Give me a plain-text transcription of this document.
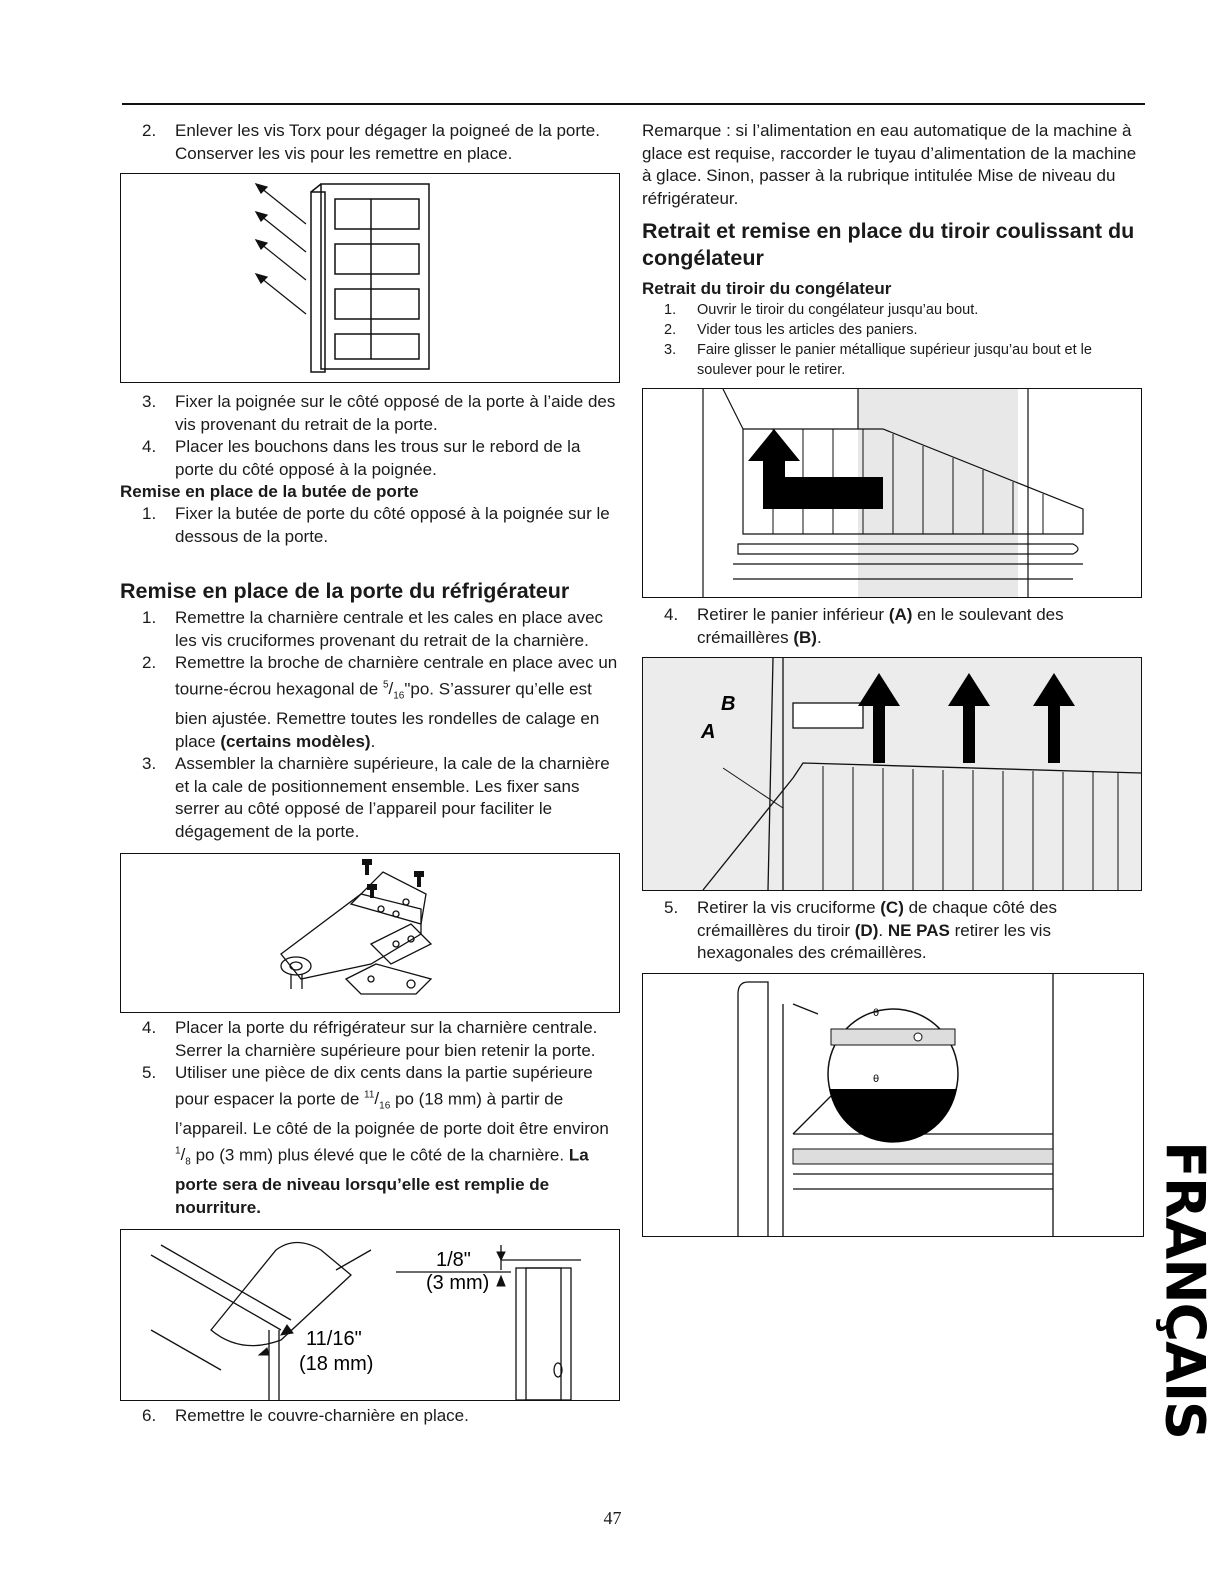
2. Enlever les vis Torx pour dégager la poigneé de la porte. Conserver les vis pour les remettre en place.
3. Fixer la poignée sur le côté opposé de la porte à l’aide des vis provenant du retrait de la porte.
4. Placer les bouchons dans les trous sur le rebord de la porte du côté opposé à la poignée.
Remise en place de la butée de porte
1. Fixer la butée de porte du côté opposé à la poignée sur le dessous de la porte.
Remise en place de la porte du réfrigérateur
1. Remettre la charnière centrale et les cales en place avec les vis cruciformes provenant du retrait de la charnière.
2. Remettre la broche de charnière centrale en place avec un tourne-écrou hexagonal de $^5/_{16}"po$. S’assurer qu’elle est bien ajustée. Remettre toutes les rondelles de calage en place (certains modèles).
3. Assembler la charnière supérieure, la cale de la charnière et la cale de positionnement ensemble. Les fixer sans serrer au côté opposé de l’appareil pour faciliter le dégagement de la porte.
4. Placer la porte du réfrigérateur sur la charnière centrale. Serrer la charnière supérieure pour bien retenir la porte.
5. Utiliser une pièce de dix cents dans la partie supérieure pour espacer la porte de $^{11}/_{16}$ po (18 mm) à partir de l’appareil. Le côté de la poignée de porte doit être environ $^1/_8$ po (3 mm) plus élevé que le côté de la charnière. La porte sera de niveau lorsqu’elle est remplie de nourriture.
1/8"
(3 mm)
11/16"
(18 mm)
6. Remettre le couvre-charnière en place.

Remarque : si l’alimentation en eau automatique de la machine à glace est requise, raccorder le tuyau d’alimentation de la machine à glace. Sinon, passer à la rubrique intitulée Mise de niveau du réfrigérateur.

Retrait et remise en place du tiroir coulissant du congélateur
Retrait du tiroir du congélateur
1. Ouvrir le tiroir du congélateur jusqu’au bout.
2. Vider tous les articles des paniers.
3. Faire glisser le panier métallique supérieur jusqu’au bout et le soulever pour le retirer.
4. Retirer le panier inférieur (A) en le soulevant des crémaillères (B).
B
A
5. Retirer la vis cruciforme (C) de chaque côté des crémaillères du tiroir (D). NE PAS retirer les vis hexagonales des crémaillères.
θ
θ
47
FRANÇAIS
